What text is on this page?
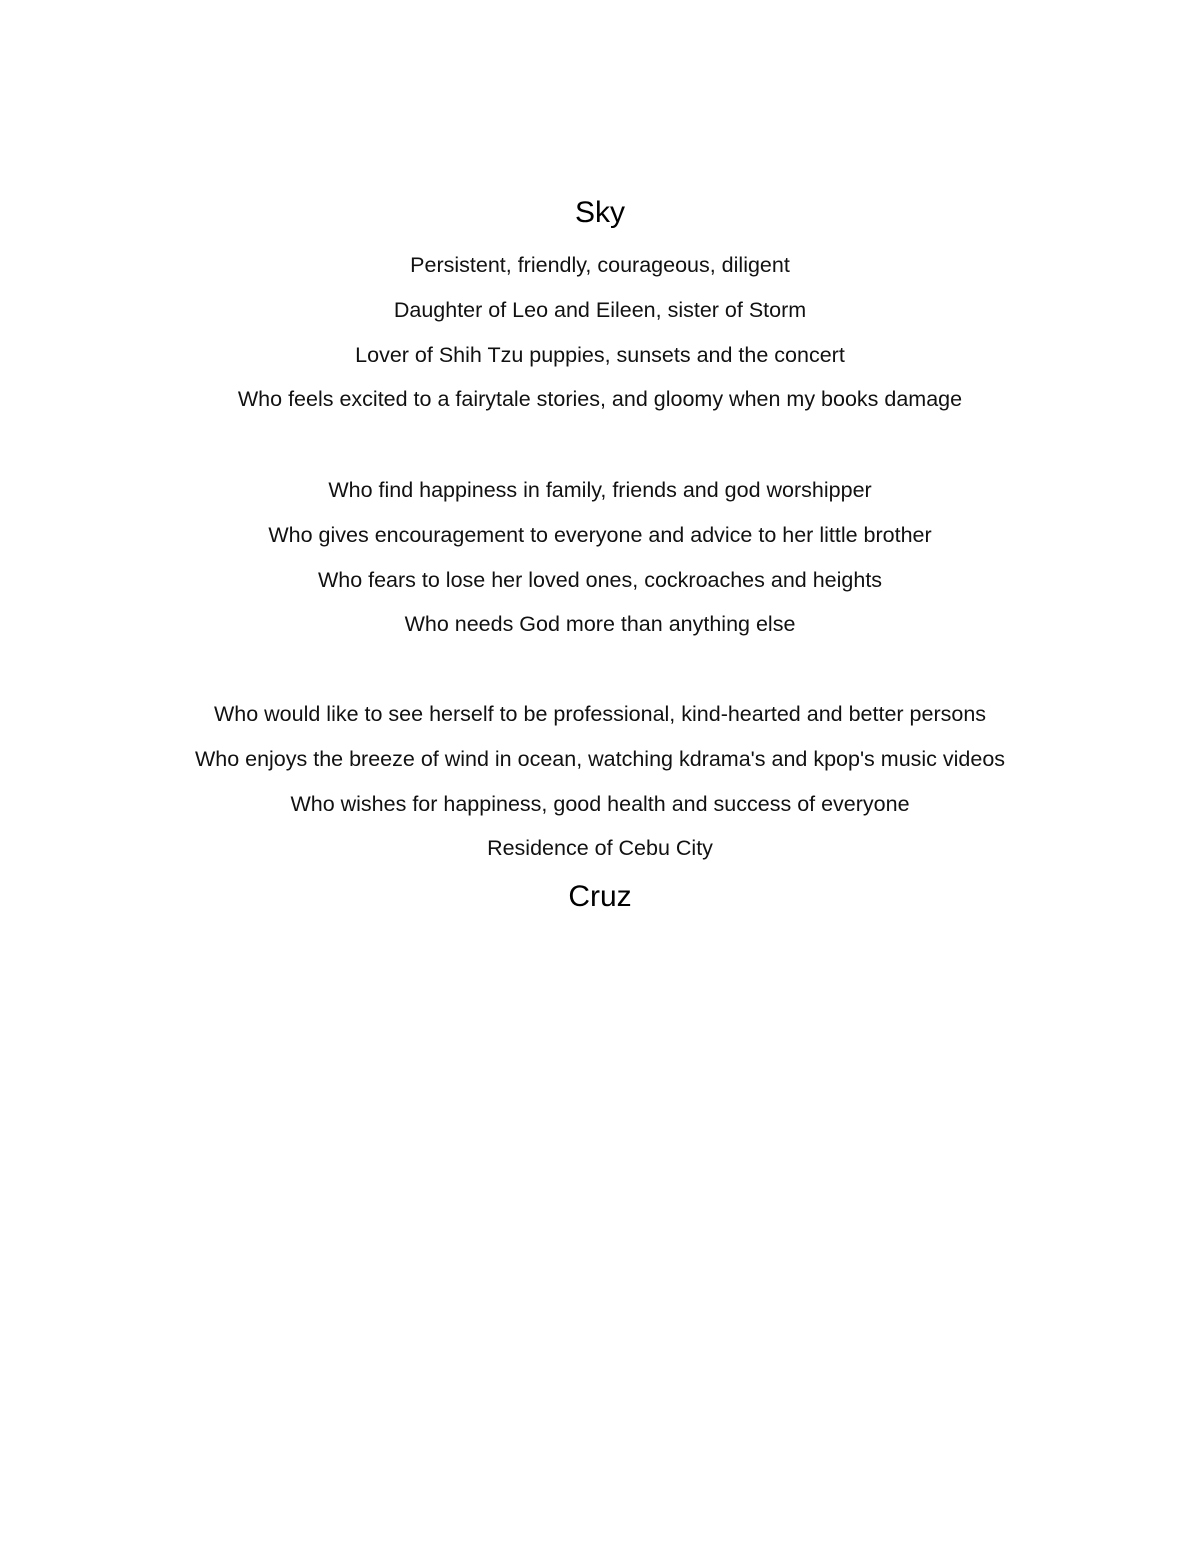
Sky
Persistent, friendly, courageous, diligent
Daughter of Leo and Eileen, sister of Storm
Lover of Shih Tzu puppies, sunsets and the concert
Who feels excited to a fairytale stories, and gloomy when my books damage
Who find happiness in family, friends and god worshipper
Who gives encouragement to everyone and advice to her little brother
Who fears to lose her loved ones, cockroaches and heights
Who needs God more than anything else
Who would like to see herself to be professional, kind-hearted and better persons
Who enjoys the breeze of wind in ocean, watching kdrama's and kpop's music videos
Who wishes for happiness, good health and success of everyone
Residence of Cebu City
Cruz
